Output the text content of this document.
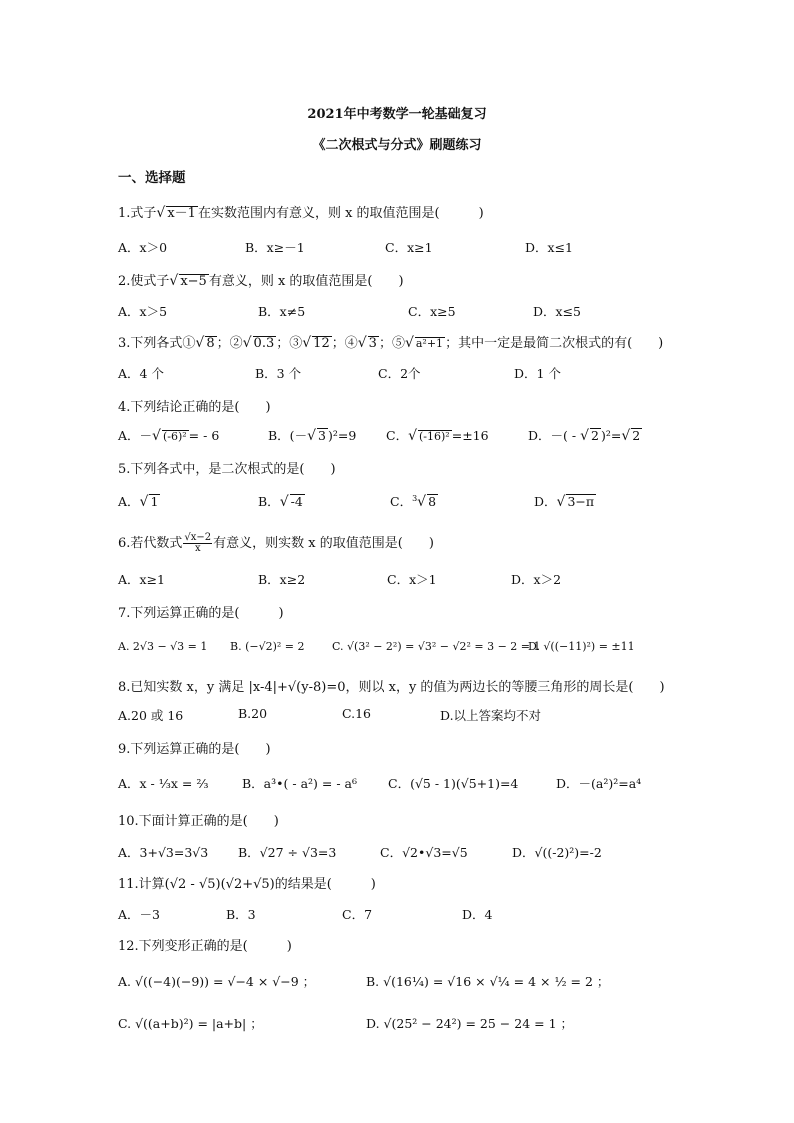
2021年中考数学一轮基础复习
《二次根式与分式》刷题练习
一、选择题
1.式子√ x－1 在实数范围内有意义，则 x 的取值范围是(　　　)
A．x＞0	B．x≥－1	C．x≥1	D．x≤1
2.使式子√ x−5 有意义，则 x 的取值范围是(　　)
A．x＞5	B．x≠5	C．x≥5	D．x≤5
3.下列各式①√ 8 ；②√ 0.3 ；③√ 12 ；④√ 3 ；⑤√ a²+1 ；其中一定是最简二次根式的有(　　)
A．4 个	B．3 个	C．2个	D．1 个
4.下列结论正确的是(　　)
A．－√ (-6)² = - 6	B．(－√ 3 )²=9 C．√ (-16)² =±16	D．－( - √ 2 )²=√ 2
5.下列各式中，是二次根式的是(　　)
A．√ 1	B．√ -4	C．$^3$√ 8	D．√ 3−π
6.若代数式 $\frac{√x-2}{x}$ 有意义，则实数 x 的取值范围是(　　)
A．x≥1	B．x≥2	C．x＞1	D．x＞2
7.下列运算正确的是(　　　)
A. 2√3 − √3 = 1 B. (−√2)² = 2 C. √(3² − 2²) = √3² − √2² = 3 − 2 = 1
D. √((−11)²) = ±11
8.已知实数 x，y 满足 |x-4|+√(y-8)=0，则以 x，y 的值为两边长的等腰三角形的周长是(　　)
A.20 或 16	B.20	C.16	D.以上答案均不对
9.下列运算正确的是(　　)
A．x - ⅓x = ⅔	B．a³•( - a²) = - a⁶ C．(√5 - 1)(√5+1)=4	D．－(a²)²=a⁴
10.下面计算正确的是(　　)
A．3+√3=3√3 B．√27 ÷ √3=3	C．√2•√3=√5	D．√((-2)²)=-2
11.计算(√2 - √5)(√2+√5)的结果是(　　　)
A．－3	B．3	C．7	D．4
12.下列变形正确的是(　　　)
A. √((−4)(−9)) = √−4 × √−9 ；	B. √(16¼) = √16 × √¼ = 4 × ½ = 2 ；
C. √((a+b)²) = |a+b| ；	D. √(25² − 24²) = 25 − 24 = 1 ；
